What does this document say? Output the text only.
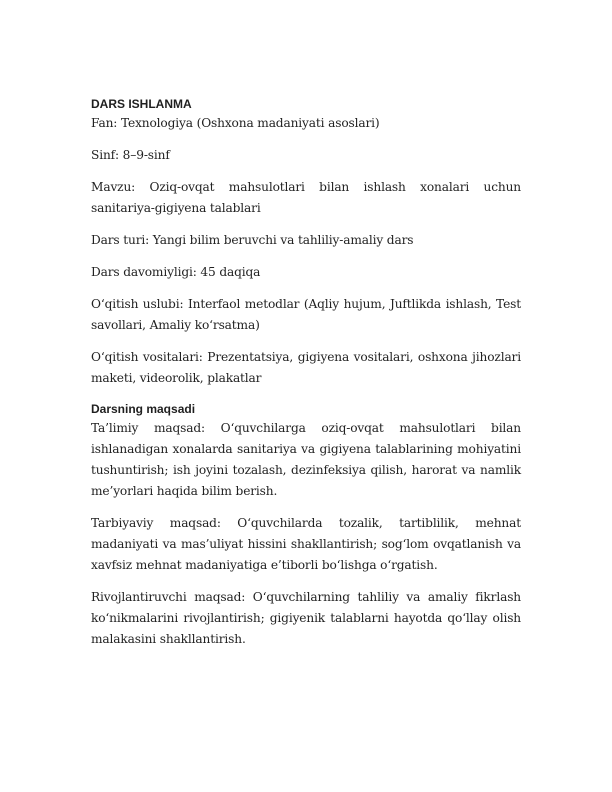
DARS ISHLANMA

Fan: Texnologiya (Oshxona madaniyati asoslari)

Sinf: 8–9-sinf

Mavzu: Oziq-ovqat mahsulotlari bilan ishlash xonalari uchun sanitariya-gigiyena talablari

Dars turi: Yangi bilim beruvchi va tahliliy-amaliy dars

Dars davomiyligi: 45 daqiqa

O‘qitish uslubi: Interfaol metodlar (Aqliy hujum, Juftlikda ishlash, Test savollari, Amaliy ko‘rsatma)

O‘qitish vositalari: Prezentatsiya, gigiyena vositalari, oshxona jihozlari maketi, videorolik, plakatlar

Darsning maqsadi

Ta’limiy maqsad: O‘quvchilarga oziq-ovqat mahsulotlari bilan ishlanadigan xonalarda sanitariya va gigiyena talablarining mohiyatini tushuntirish; ish joyini tozalash, dezinfeksiya qilish, harorat va namlik me’yorlari haqida bilim berish.

Tarbiyaviy maqsad: O‘quvchilarda tozalik, tartiblilik, mehnat madaniyati va mas’uliyat hissini shakllantirish; sog‘lom ovqatlanish va xavfsiz mehnat madaniyatiga e’tiborli bo‘lishga o‘rgatish.

Rivojlantiruvchi maqsad: O‘quvchilarning tahliliy va amaliy fikrlash ko‘nikmalarini rivojlantirish; gigiyenik talablarni hayotda qo‘llay olish malakasini shakllantirish.
